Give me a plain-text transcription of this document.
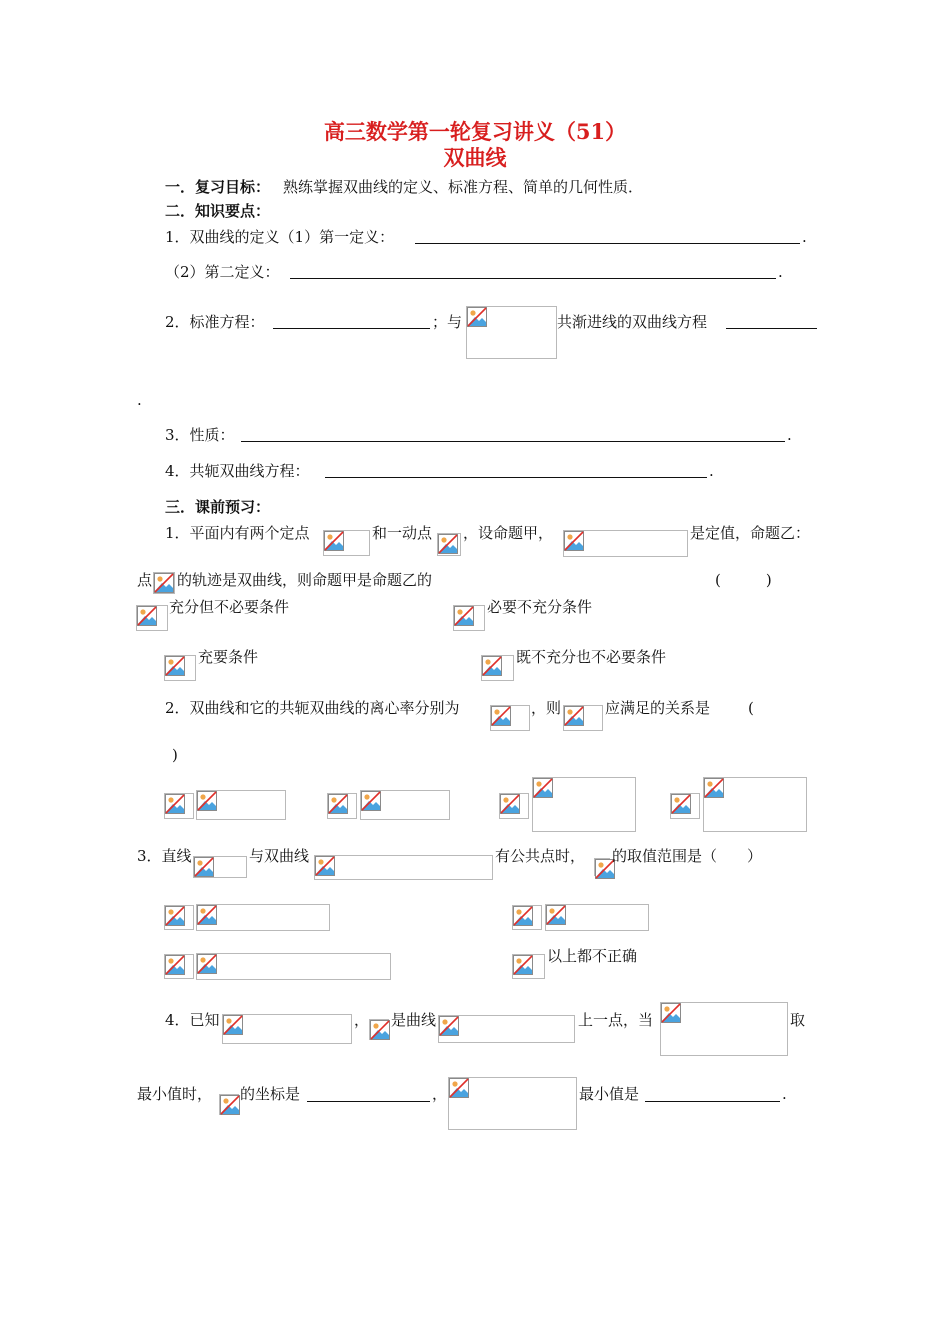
高三数学第一轮复习讲义（51）
双曲线
一．复习目标： 熟练掌握双曲线的定义、标准方程、简单的几何性质．
二．知识要点：
1．双曲线的定义（1）第一定义：	.
（2）第二定义：	.
2．标准方程：	；与	共渐进线的双曲线方程
.
3．性质：	.
4．共轭双曲线方程：	.
三．课前预习：
1．平面内有两个定点	和一动点 ，设命题甲，	是定值，命题乙：
点 的轨迹是双曲线，则命题甲是命题乙的	(　　　)
充分但不必要条件	必要不充分条件
充要条件	既不充分也不必要条件
2．双曲线和它的共轭双曲线的离心率分别为	，则	应满足的关系是	(
)
3．直线	与双曲线	有公共点时， 的取值范围是（　　）
以上都不正确
4．已知	， 是曲线	上一点，当	取
最小值时， 的坐标是	，	最小值是	.
